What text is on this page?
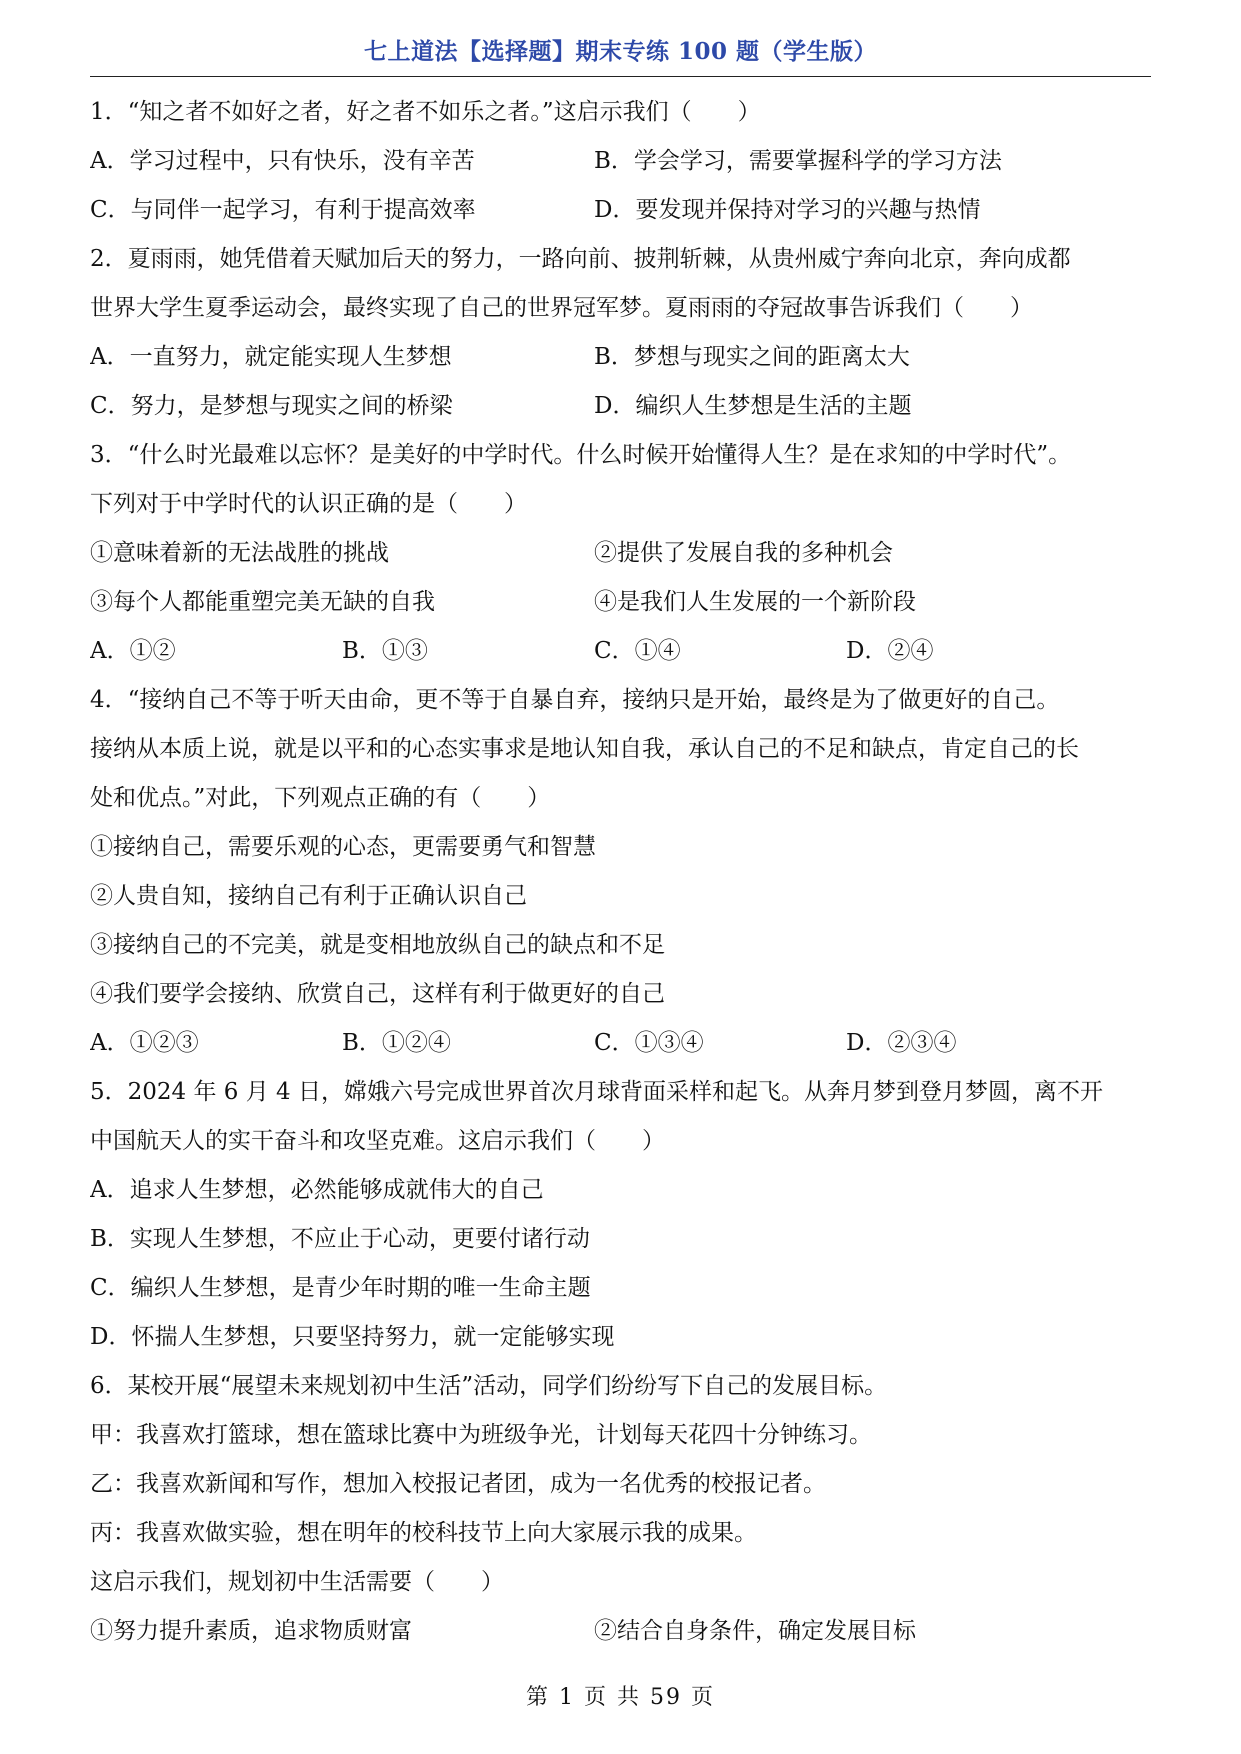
七上道法【选择题】期末专练 100 题（学生版）
1．“知之者不如好之者，好之者不如乐之者。”这启示我们（　　）
A．学习过程中，只有快乐，没有辛苦	B．学会学习，需要掌握科学的学习方法
C．与同伴一起学习，有利于提高效率	D．要发现并保持对学习的兴趣与热情
2．夏雨雨，她凭借着天赋加后天的努力，一路向前、披荆斩棘，从贵州威宁奔向北京，奔向成都
世界大学生夏季运动会，最终实现了自己的世界冠军梦。夏雨雨的夺冠故事告诉我们（　　）
A．一直努力，就定能实现人生梦想	B．梦想与现实之间的距离太大
C．努力，是梦想与现实之间的桥梁	D．编织人生梦想是生活的主题
3．“什么时光最难以忘怀？是美好的中学时代。什么时候开始懂得人生？是在求知的中学时代”。
下列对于中学时代的认识正确的是（　　）
①意味着新的无法战胜的挑战	②提供了发展自我的多种机会
③每个人都能重塑完美无缺的自我	④是我们人生发展的一个新阶段
A．①②	B．①③	C．①④	D．②④
4．“接纳自己不等于听天由命，更不等于自暴自弃，接纳只是开始，最终是为了做更好的自己。
接纳从本质上说，就是以平和的心态实事求是地认知自我，承认自己的不足和缺点，肯定自己的长
处和优点。”对此，下列观点正确的有（　　）
①接纳自己，需要乐观的心态，更需要勇气和智慧
②人贵自知，接纳自己有利于正确认识自己
③接纳自己的不完美，就是变相地放纵自己的缺点和不足
④我们要学会接纳、欣赏自己，这样有利于做更好的自己
A．①②③	B．①②④	C．①③④	D．②③④
5．2024 年 6 月 4 日，嫦娥六号完成世界首次月球背面采样和起飞。从奔月梦到登月梦圆，离不开
中国航天人的实干奋斗和攻坚克难。这启示我们（　　）
A．追求人生梦想，必然能够成就伟大的自己
B．实现人生梦想，不应止于心动，更要付诸行动
C．编织人生梦想，是青少年时期的唯一生命主题
D．怀揣人生梦想，只要坚持努力，就一定能够实现
6．某校开展“展望未来规划初中生活”活动，同学们纷纷写下自己的发展目标。
甲：我喜欢打篮球，想在篮球比赛中为班级争光，计划每天花四十分钟练习。
乙：我喜欢新闻和写作，想加入校报记者团，成为一名优秀的校报记者。
丙：我喜欢做实验，想在明年的校科技节上向大家展示我的成果。
这启示我们，规划初中生活需要（　　）
①努力提升素质，追求物质财富	②结合自身条件，确定发展目标
第 1 页 共 59 页
